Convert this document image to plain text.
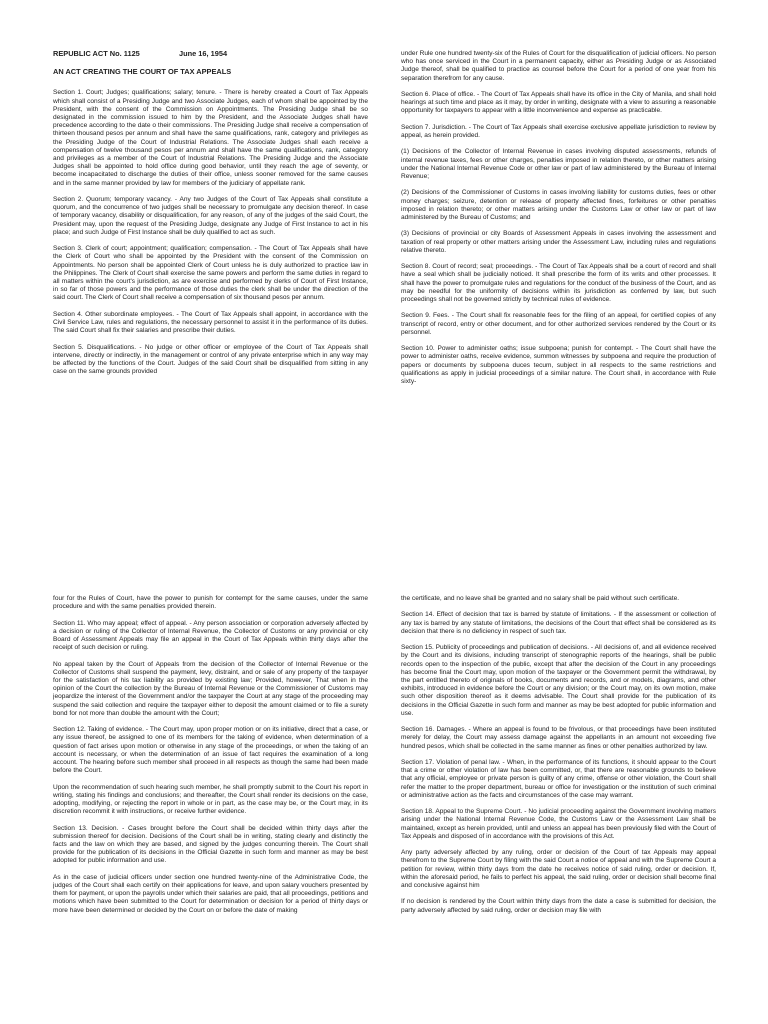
REPUBLIC ACT No. 1125	June 16, 1954
AN ACT CREATING THE COURT OF TAX APPEALS

Section 1. Court; Judges; qualifications; salary; tenure. - There is hereby created a Court of Tax Appeals which shall consist of a Presiding Judge and two Associate Judges, each of whom shall be appointed by the President, with the consent of the Commission on Appointments. The Presiding Judge shall be so designated in the commission issued to him by the President, and the Associate Judges shall have precedence according to the date o their commissions. The Presiding Judge shall receive a compensation of thirteen thousand pesos per annum and shall have the same qualifications, rank, category and privileges as the Presiding Judge of the Court of Industrial Relations. The Associate Judges shall each receive a compensation of twelve thousand pesos per annum and shall have the same qualifications, rank, category and privileges as a member of the Court of Industrial Relations. The Presiding Judge and the Associate Judges shall be appointed to hold office during good behavior, until they reach the age of seventy, or become incapacitated to discharge the duties of their office, unless sooner removed for the same causes and in the same manner provided by law for members of the judiciary of appellate rank.

Section 2. Quorum; temporary vacancy. - Any two Judges of the Court of Tax Appeals shall constitute a quorum, and the concurrence of two judges shall be necessary to promulgate any decision thereof. In case of temporary vacancy, disability or disqualification, for any reason, of any of the judges of the said Court, the President may, upon the request of the Presiding Judge, designate any Judge of First Instance to act in his place; and such Judge of First Instance shall be duly qualified to act as such.

Section 3. Clerk of court; appointment; qualification; compensation. - The Court of Tax Appeals shall have the Clerk of Court who shall be appointed by the President with the consent of the Commission on Appointments. No person shall be appointed Clerk of Court unless he is duly authorized to practice law in the Philippines. The Clerk of Court shall exercise the same powers and perform the same duties in regard to all matters within the court's jurisdiction, as are exercise and performed by clerks of Court of First Instance, in so far of those powers and the performance of those duties the clerk shall be under the direction of the said court. The Clerk of Court shall receive a compensation of six thousand pesos per annum.

Section 4. Other subordinate employees. - The Court of Tax Appeals shall appoint, in accordance with the Civil Service Law, rules and regulations, the necessary personnel to assist it in the performance of its duties. The said Court shall fix their salaries and prescribe their duties.

Section 5. Disqualifications. - No judge or other officer or employee of the Court of Tax Appeals shall intervene, directly or indirectly, in the management or control of any private enterprise which in any way may be affected by the functions of the Court. Judges of the said Court shall be disqualified from sitting in any case on the same grounds provided

under Rule one hundred twenty-six of the Rules of Court for the disqualification of judicial officers. No person who has once serviced in the Court in a permanent capacity, either as Presiding Judge or as Associated Judge thereof, shall be qualified to practice as counsel before the Court for a period of one year from his separation therefrom for any cause.

Section 6. Place of office. - The Court of Tax Appeals shall have its office in the City of Manila, and shall hold hearings at such time and place as it may, by order in writing, designate with a view to assuring a reasonable opportunity for taxpayers to appear with a little inconvenience and expense as practicable.

Section 7. Jurisdiction. - The Court of Tax Appeals shall exercise exclusive appellate jurisdiction to review by appeal, as herein provided.

(1) Decisions of the Collector of Internal Revenue in cases involving disputed assessments, refunds of internal revenue taxes, fees or other charges, penalties imposed in relation thereto, or other matters arising under the National Internal Revenue Code or other law or part of law administered by the Bureau of Internal Revenue;

(2) Decisions of the Commissioner of Customs in cases involving liability for customs duties, fees or other money charges; seizure, detention or release of property affected fines, forfeitures or other penalties imposed in relation thereto; or other matters arising under the Customs Law or other law or part of law administered by the Bureau of Customs; and

(3) Decisions of provincial or city Boards of Assessment Appeals in cases involving the assessment and taxation of real property or other matters arising under the Assessment Law, including rules and regulations relative thereto.

Section 8. Court of record; seal; proceedings. - The Court of Tax Appeals shall be a court of record and shall have a seal which shall be judicially noticed. It shall prescribe the form of its writs and other processes. It shall have the power to promulgate rules and regulations for the conduct of the business of the Court, and as may be needful for the uniformity of decisions within its jurisdiction as conferred by law, but such proceedings shall not be governed strictly by technical rules of evidence.

Section 9. Fees. - The Court shall fix reasonable fees for the filing of an appeal, for certified copies of any transcript of record, entry or other document, and for other authorized services rendered by the Court or its personnel.

Section 10. Power to administer oaths; issue subpoena; punish for contempt. - The Court shall have the power to administer oaths, receive evidence, summon witnesses by subpoena and require the production of papers or documents by subpoena duces tecum, subject in all respects to the same restrictions and qualifications as apply in judicial proceedings of a similar nature. The Court shall, in accordance with Rule sixty-

four for the Rules of Court, have the power to punish for contempt for the same causes, under the same procedure and with the same penalties provided therein.

Section 11. Who may appeal; effect of appeal. - Any person association or corporation adversely affected by a decision or ruling of the Collector of Internal Revenue, the Collector of Customs or any provincial or city Board of Assessment Appeals may file an appeal in the Court of Tax Appeals within thirty days after the receipt of such decision or ruling.

No appeal taken by the Court of Appeals from the decision of the Collector of Internal Revenue or the Collector of Customs shall suspend the payment, levy, distraint, and or sale of any property of the taxpayer for the satisfaction of his tax liability as provided by existing law; Provided, however, That when in the opinion of the Court the collection by the Bureau of Internal Revenue or the Commissioner of Customs may jeopardize the interest of the Government and/or the taxpayer the Court at any stage of the proceeding may suspend the said collection and require the taxpayer either to deposit the amount claimed or to file a surety bond for not more than double the amount with the Court;

Section 12. Taking of evidence. - The Court may, upon proper motion or on its initiative, direct that a case, or any issue thereof, be assigned to one of its members for the taking of evidence, when determination of a question of fact arises upon motion or otherwise in any stage of the proceedings, or when the taking of an account is necessary, or when the determination of an issue of fact requires the examination of a long account. The hearing before such member shall proceed in all respects as though the same had been made before the Court.

Upon the recommendation of such hearing such member, he shall promptly submit to the Court his report in writing, stating his findings and conclusions; and thereafter, the Court shall render its decisions on the case, adopting, modifying, or rejecting the report in whole or in part, as the case may be, or the Court may, in its discretion recommit it with instructions, or receive further evidence.

Section 13. Decision. - Cases brought before the Court shall be decided within thirty days after the submission thereof for decision. Decisions of the Court shall be in writing, stating clearly and distinctly the facts and the law on which they are based, and signed by the judges concurring therein. The Court shall provide for the publication of its decisions in the Official Gazette in such form and manner as may be best adopted for public information and use.

As in the case of judicial officers under section one hundred twenty-nine of the Administrative Code, the judges of the Court shall each certify on their applications for leave, and upon salary vouchers presented by them for payment, or upon the payrolls under which their salaries are paid, that all proceedings, petitions and motions which have been submitted to the Court for determination or decision for a period of thirty days or more have been determined or decided by the Court on or before the date of making

the certificate, and no leave shall be granted and no salary shall be paid without such certificate.

Section 14. Effect of decision that tax is barred by statute of limitations. - If the assessment or collection of any tax is barred by any statute of limitations, the decisions of the Court that effect shall be considered as its decision that there is no deficiency in respect of such tax.

Section 15. Publicity of proceedings and publication of decisions. - All decisions of, and all evidence received by the Court and its divisions, including transcript of stenographic reports of the hearings, shall be public records open to the inspection of the public, except that after the decision of the Court in any proceedings has become final the Court may, upon motion of the taxpayer or the Government permit the withdrawal, by the part entitled thereto of originals of books, documents and records, and or models, diagrams, and other exhibits, introduced in evidence before the Court or any division; or the Court may, on its own motion, make such other disposition thereof as it deems advisable. The Court shall provide for the publication of its decisions in the Official Gazette in such form and manner as may be best adopted for public information and use.

Section 16. Damages. - Where an appeal is found to be frivolous, or that proceedings have been instituted merely for delay, the Court may assess damage against the appellants in an amount not exceeding five hundred pesos, which shall be collected in the same manner as fines or other penalties authorized by law.

Section 17. Violation of penal law. - When, in the performance of its functions, it should appear to the Court that a crime or other violation of law has been committed, or, that there are reasonable grounds to believe that any official, employee or private person is guilty of any crime, offense or other violation, the Court shall refer the matter to the proper department, bureau or office for investigation or the institution of such criminal or administrative action as the facts and circumstances of the case may warrant.

Section 18. Appeal to the Supreme Court. - No judicial proceeding against the Government involving matters arising under the National Internal Revenue Code, the Customs Law or the Assessment Law shall be maintained, except as herein provided, until and unless an appeal has been previously filed with the Court of Tax Appeals and disposed of in accordance with the provisions of this Act.

Any party adversely affected by any ruling, order or decision of the Court of tax Appeals may appeal therefrom to the Supreme Court by filing with the said Court a notice of appeal and with the Supreme Court a petition for review, within thirty days from the date he receives notice of said ruling, order or decision. If, within the aforesaid period, he fails to perfect his appeal, the said ruling, order or decision shall become final and conclusive against him

If no decision is rendered by the Court within thirty days from the date a case is submitted for decision, the party adversely affected by said ruling, order or decision may file with
